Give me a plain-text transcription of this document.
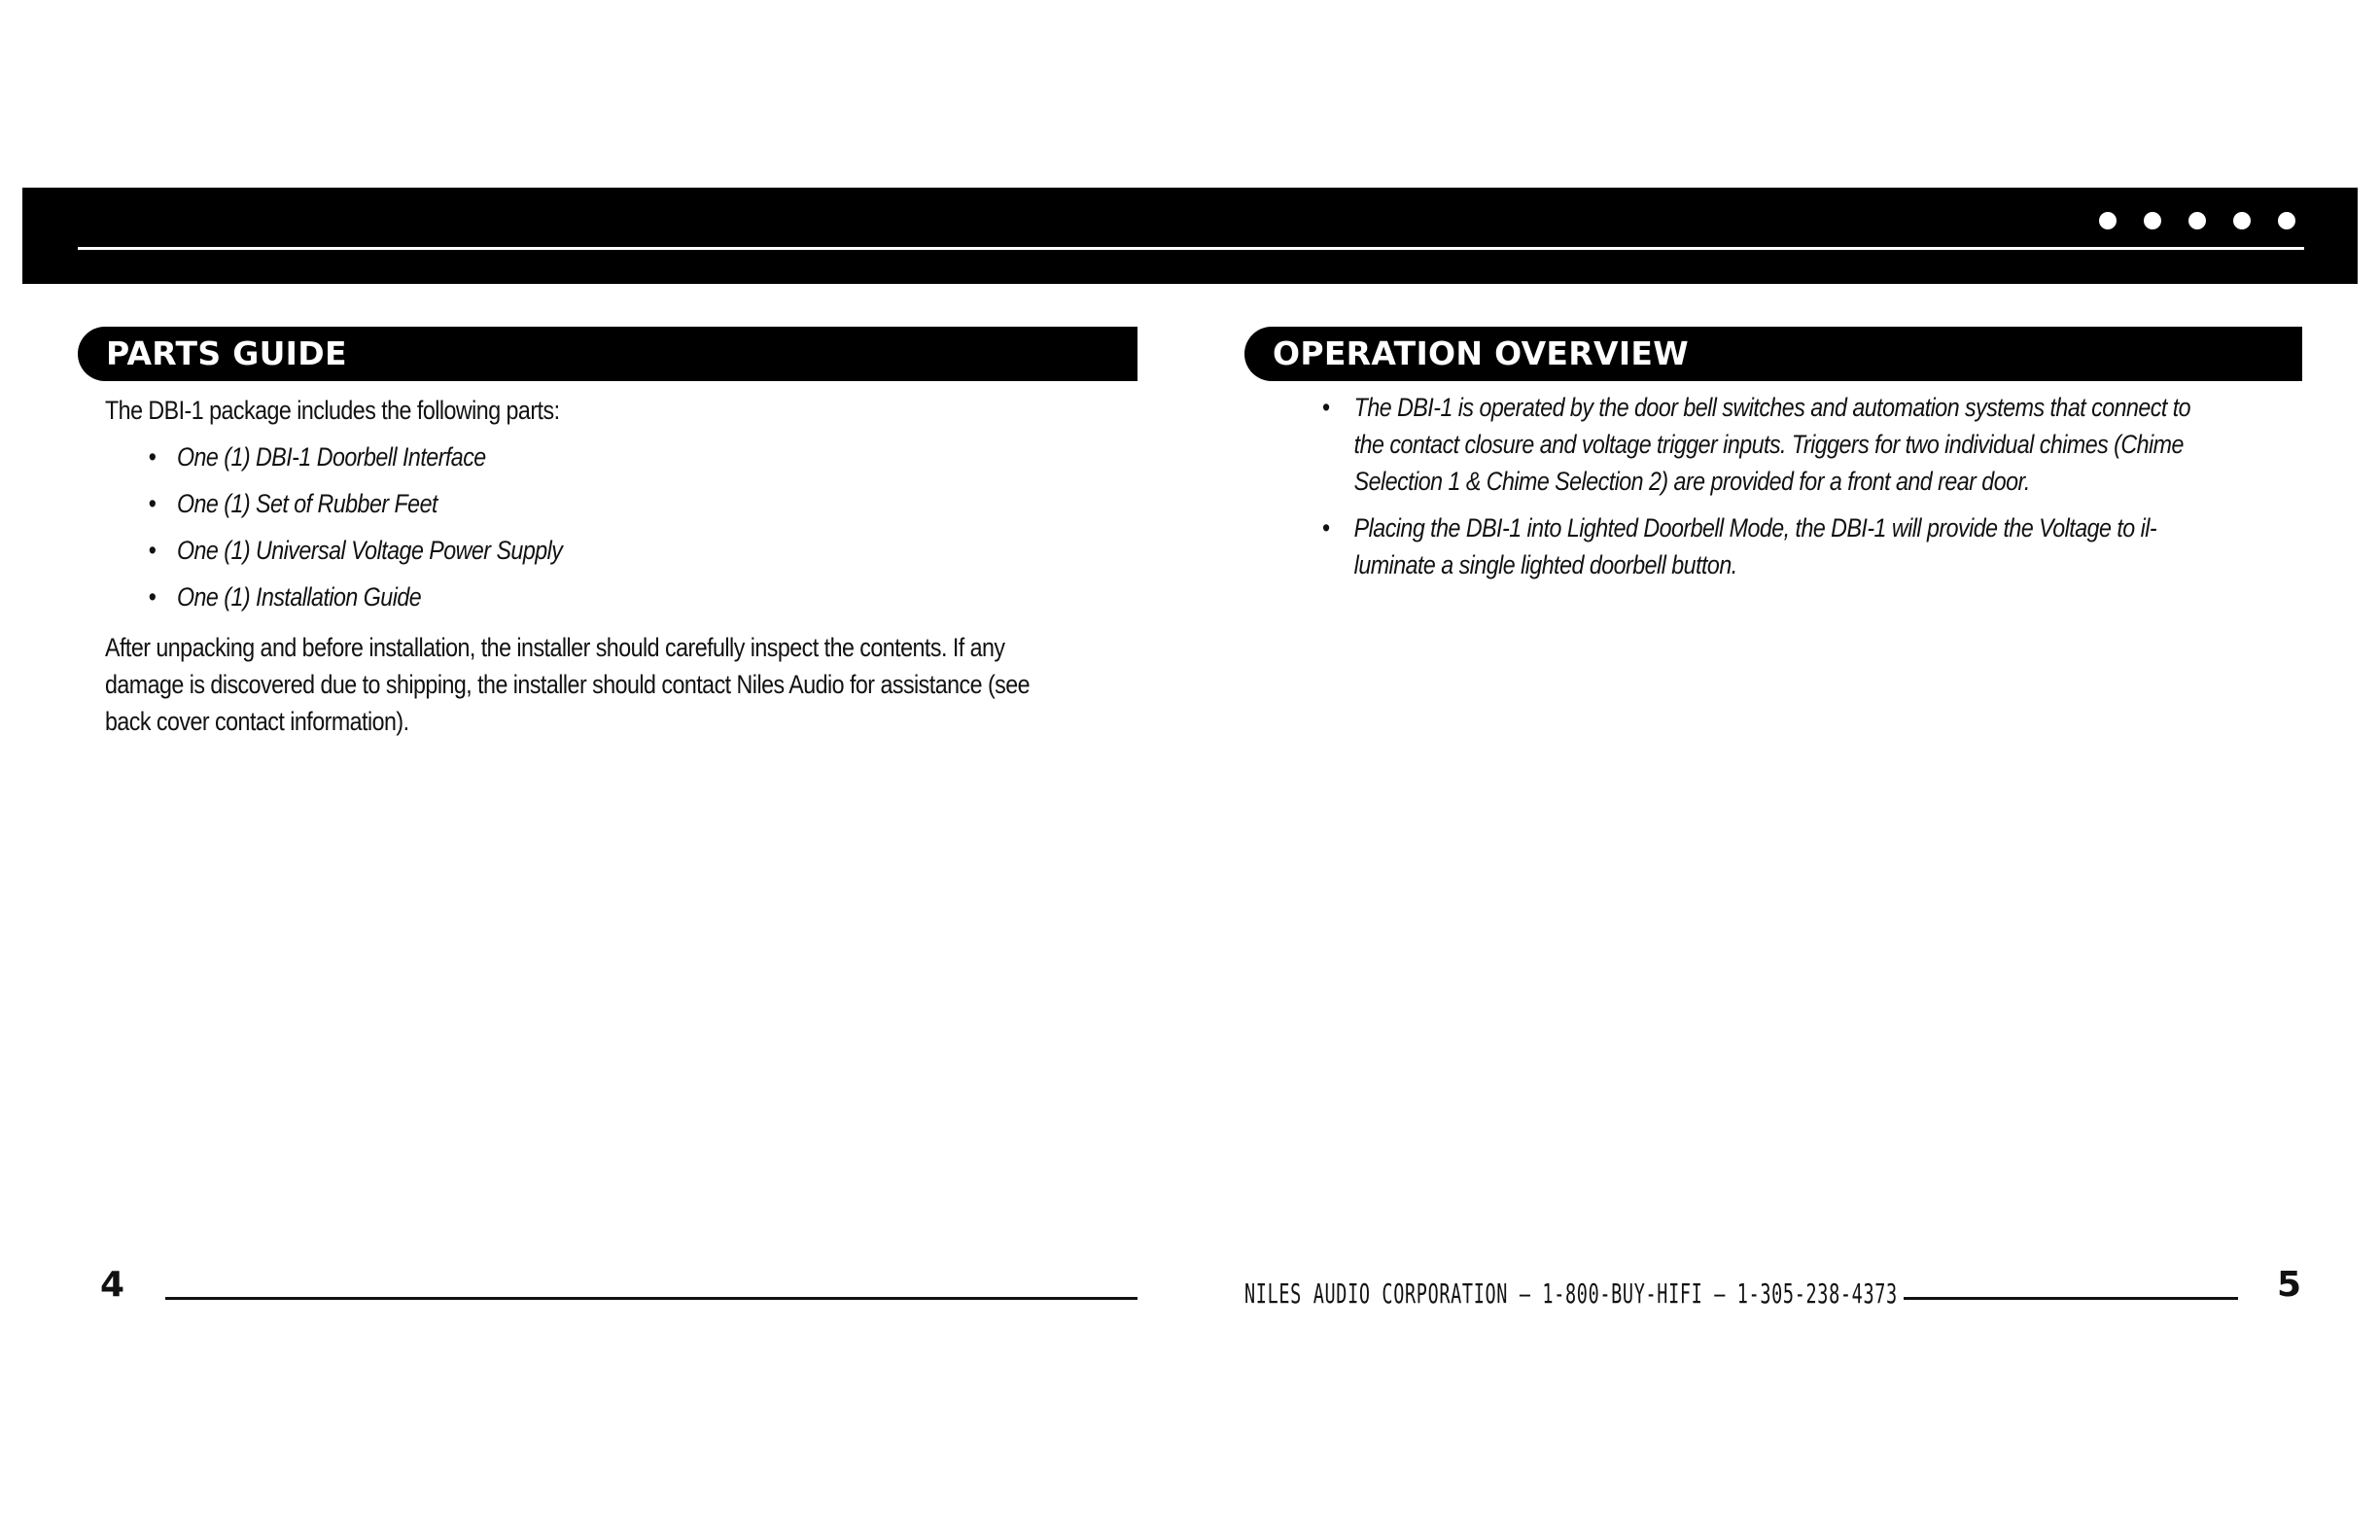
PARTS GUIDE

The DBI-1 package includes the following parts:

• One (1) DBI-1 Doorbell Interface
• One (1) Set of Rubber Feet
• One (1) Universal Voltage Power Supply
• One (1) Installation Guide
After unpacking and before installation, the installer should carefully inspect the contents. If any
damage is discovered due to shipping, the installer should contact Niles Audio for assistance (see
back cover contact information).
OPERATION OVERVIEW
• The DBI-1 is operated by the door bell switches and automation systems that connect to
the contact closure and voltage trigger inputs. Triggers for two individual chimes (Chime
Selection 1 & Chime Selection 2) are provided for a front and rear door.
• Placing the DBI-1 into Lighted Doorbell Mode, the DBI-1 will provide the Voltage to il-
luminate a single lighted doorbell button.
4	NILES AUDIO CORPORATION – 1-800-BUY-HIFI – 1-305-238-4373	5
